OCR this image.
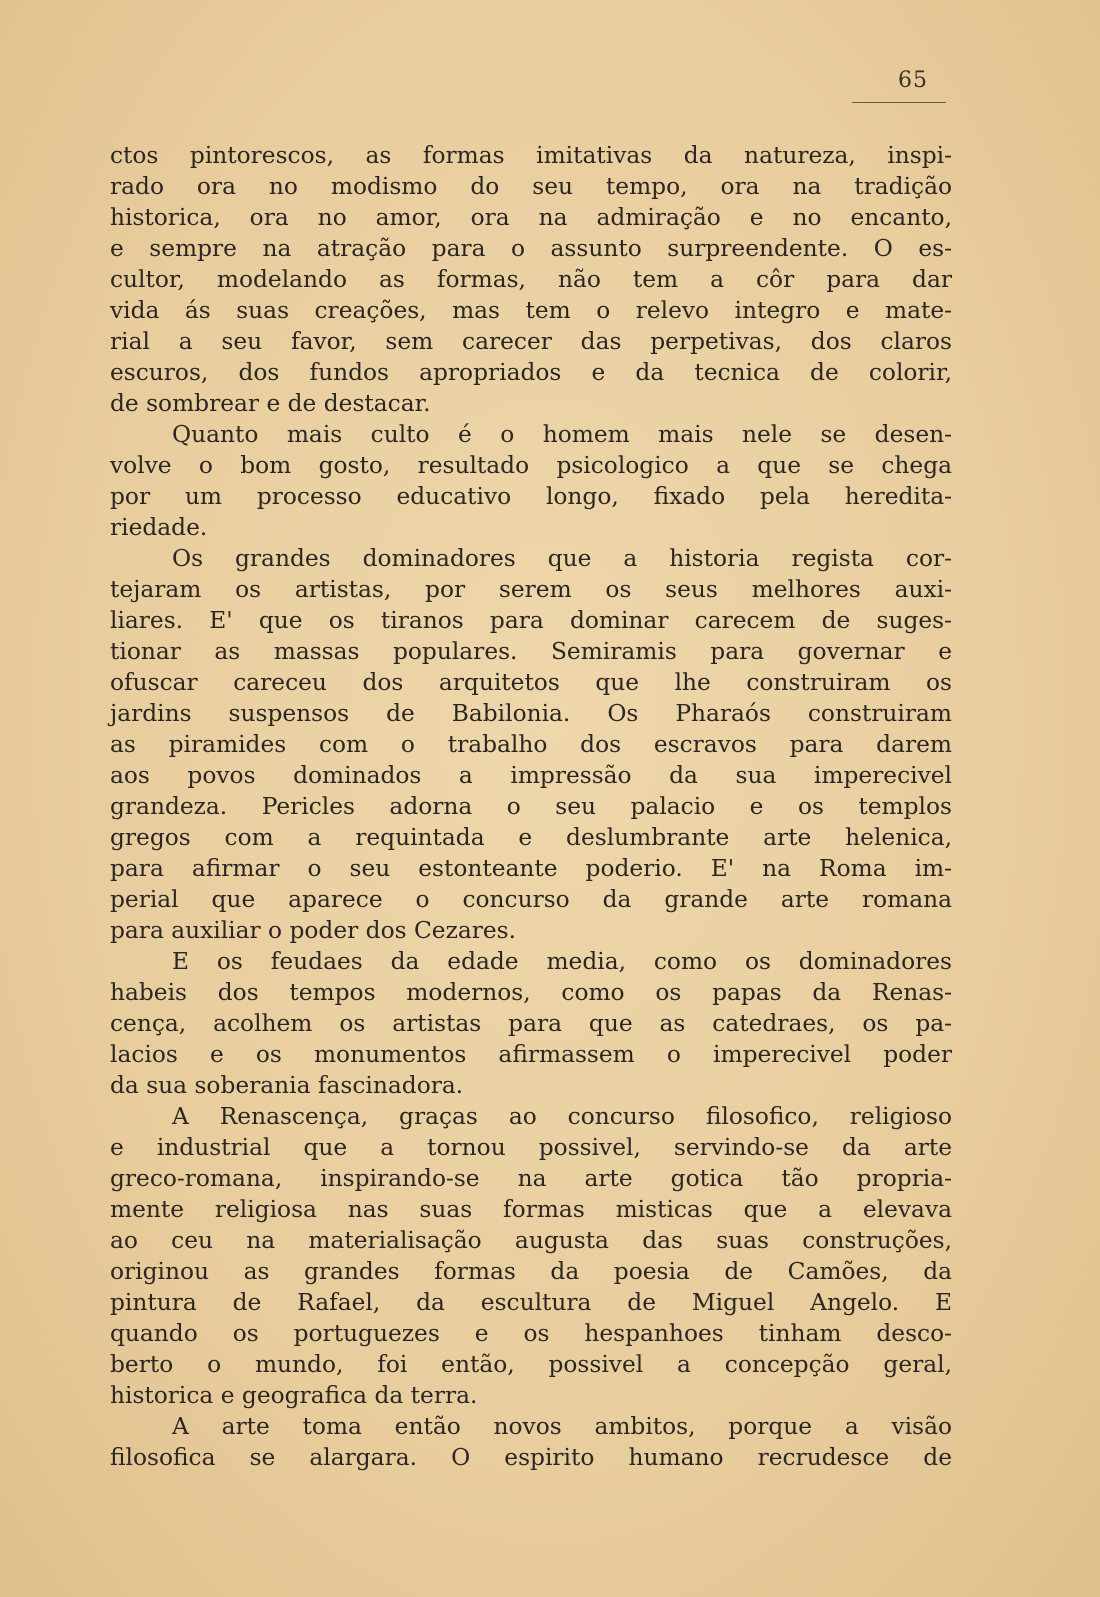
65
ctos pintorescos, as formas imitativas da natureza, inspi-
rado ora no modismo do seu tempo, ora na tradição
historica, ora no amor, ora na admiração e no encanto,
e sempre na atração para o assunto surpreendente. O es-
cultor, modelando as formas, não tem a côr para dar
vida ás suas creações, mas tem o relevo integro e mate-
rial a seu favor, sem carecer das perpetivas, dos claros
escuros, dos fundos apropriados e da tecnica de colorir,
de sombrear e de destacar.
Quanto mais culto é o homem mais nele se desen-
volve o bom gosto, resultado psicologico a que se chega
por um processo educativo longo, fixado pela heredita-
riedade.
Os grandes dominadores que a historia regista cor-
tejaram os artistas, por serem os seus melhores auxi-
liares. E' que os tiranos para dominar carecem de suges-
tionar as massas populares. Semiramis para governar e
ofuscar careceu dos arquitetos que lhe construiram os
jardins suspensos de Babilonia. Os Pharaós construiram
as piramides com o trabalho dos escravos para darem
aos povos dominados a impressão da sua imperecivel
grandeza. Pericles adorna o seu palacio e os templos
gregos com a requintada e deslumbrante arte helenica,
para afirmar o seu estonteante poderio. E' na Roma im-
perial que aparece o concurso da grande arte romana
para auxiliar o poder dos Cezares.
E os feudaes da edade media, como os dominadores
habeis dos tempos modernos, como os papas da Renas-
cença, acolhem os artistas para que as catedraes, os pa-
lacios e os monumentos afirmassem o imperecivel poder
da sua soberania fascinadora.
A Renascença, graças ao concurso filosofico, religioso
e industrial que a tornou possivel, servindo-se da arte
greco-romana, inspirando-se na arte gotica tão propria-
mente religiosa nas suas formas misticas que a elevava
ao ceu na materialisação augusta das suas construções,
originou as grandes formas da poesia de Camões, da
pintura de Rafael, da escultura de Miguel Angelo. E
quando os portuguezes e os hespanhoes tinham desco-
berto o mundo, foi então, possivel a concepção geral,
historica e geografica da terra.
A arte toma então novos ambitos, porque a visão
filosofica se alargara. O espirito humano recrudesce de
